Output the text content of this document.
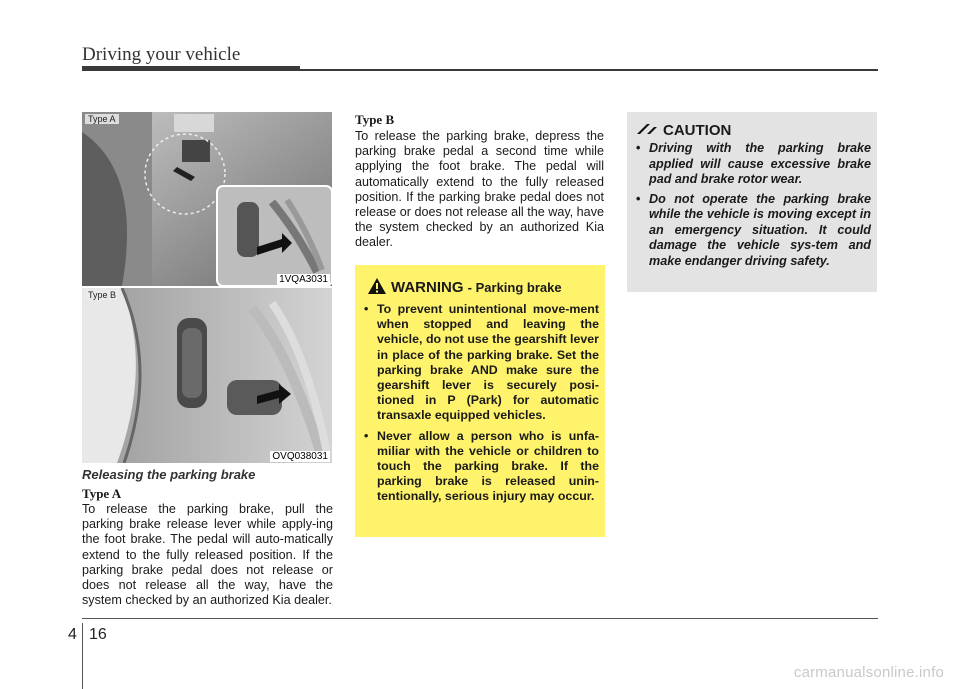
Driving your vehicle
Type A
1VQA3031
Type B
OVQ038031
Releasing the parking brake
Type A
To release the parking brake, pull the parking brake release lever while apply-ing the foot brake. The pedal will auto-matically extend to the fully released position. If the parking brake pedal does not release or does not release all the way, have the system checked by an authorized Kia dealer.
Type B
To release the parking brake, depress the parking brake pedal a second time while applying the foot brake. The pedal will automatically extend to the fully released position. If the parking brake pedal does not release or does not release all the way, have the system checked by an authorized Kia dealer.
WARNING - Parking brake
• To prevent unintentional move-ment when stopped and leaving the vehicle, do not use the gearshift lever in place of the parking brake. Set the parking brake AND make sure the gearshift lever is securely posi-tioned in P (Park) for automatic transaxle equipped vehicles.
• Never allow a person who is unfa-miliar with the vehicle or children to touch the parking brake. If the parking brake is released unin-tentionally, serious injury may occur.
CAUTION
• Driving with the parking brake applied will cause excessive brake pad and brake rotor wear.
• Do not operate the parking brake while the vehicle is moving except in an emergency situation. It could damage the vehicle sys-tem and make endanger driving safety.
4 16
carmanualsonline.info
